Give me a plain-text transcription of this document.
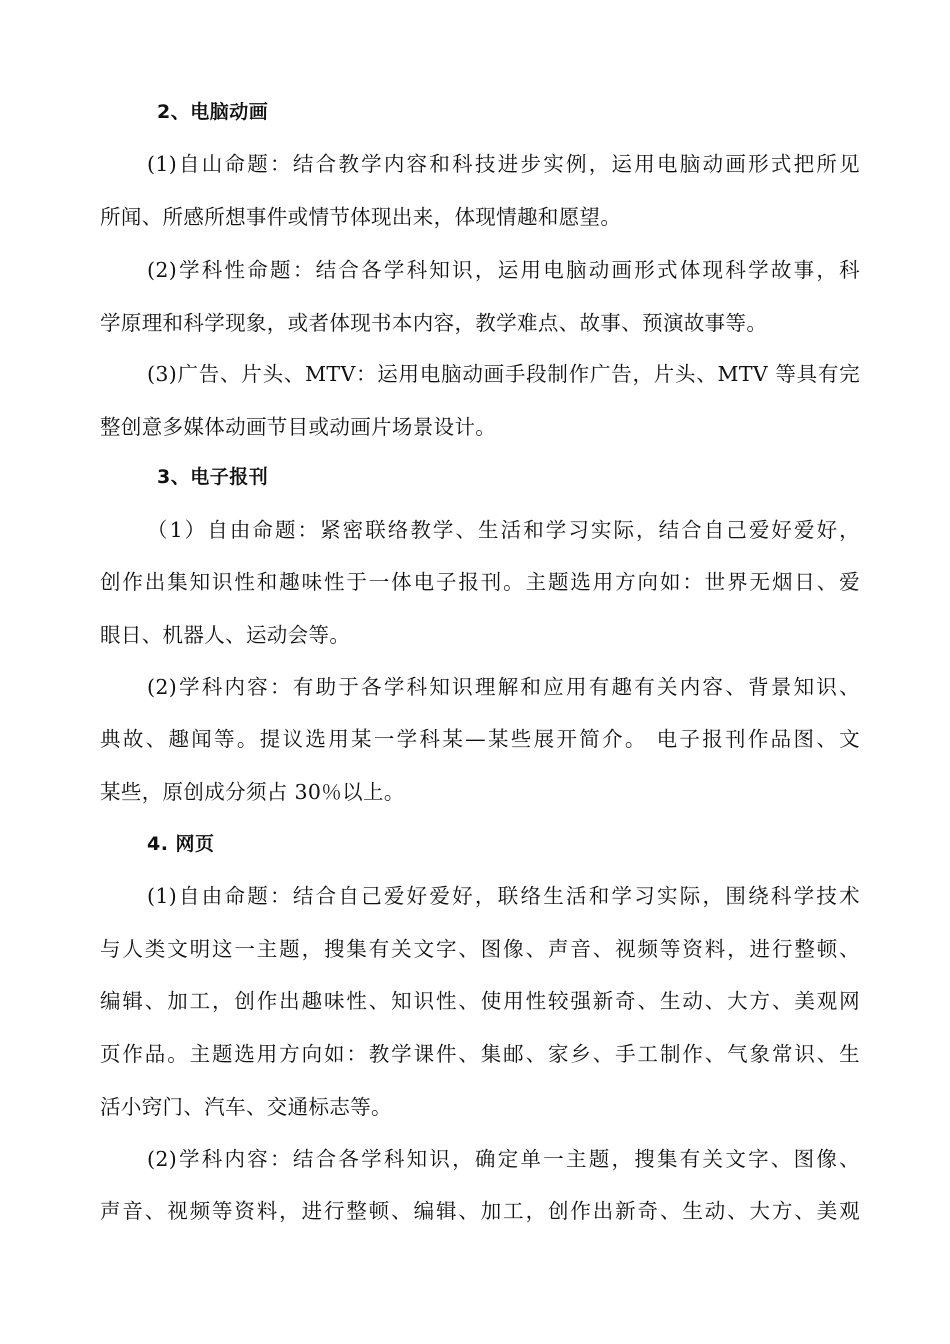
2、电脑动画
(1)自山命题：结合教学内容和科技进步实例，运用电脑动画形式把所见
所闻、所感所想事件或情节体现出来，体现情趣和愿望。
(2)学科性命题：结合各学科知识，运用电脑动画形式体现科学故事，科
学原理和科学现象，或者体现书本内容，教学难点、故事、预演故事等。
(3)广告、片头、MTV：运用电脑动画手段制作广告，片头、MTV 等具有完
整创意多媒体动画节目或动画片场景设计。
3、电子报刊
（1）自由命题：紧密联络教学、生活和学习实际，结合自己爱好爱好，
创作出集知识性和趣味性于一体电子报刊。主题选用方向如：世界无烟日、爱
眼日、机器人、运动会等。
(2)学科内容：有助于各学科知识理解和应用有趣有关内容、背景知识、
典故、趣闻等。提议选用某一学科某—某些展开简介。 电子报刊作品图、文
某些，原创成分须占 30％以上。
4. 网页
(1)自由命题：结合自己爱好爱好，联络生活和学习实际，围绕科学技术
与人类文明这一主题，搜集有关文字、图像、声音、视频等资料，进行整顿、
编辑、加工，创作出趣味性、知识性、使用性较强新奇、生动、大方、美观网
页作品。主题选用方向如：教学课件、集邮、家乡、手工制作、气象常识、生
活小窍门、汽车、交通标志等。
(2)学科内容：结合各学科知识，确定单一主题，搜集有关文字、图像、
声音、视频等资料，进行整顿、编辑、加工，创作出新奇、生动、大方、美观
